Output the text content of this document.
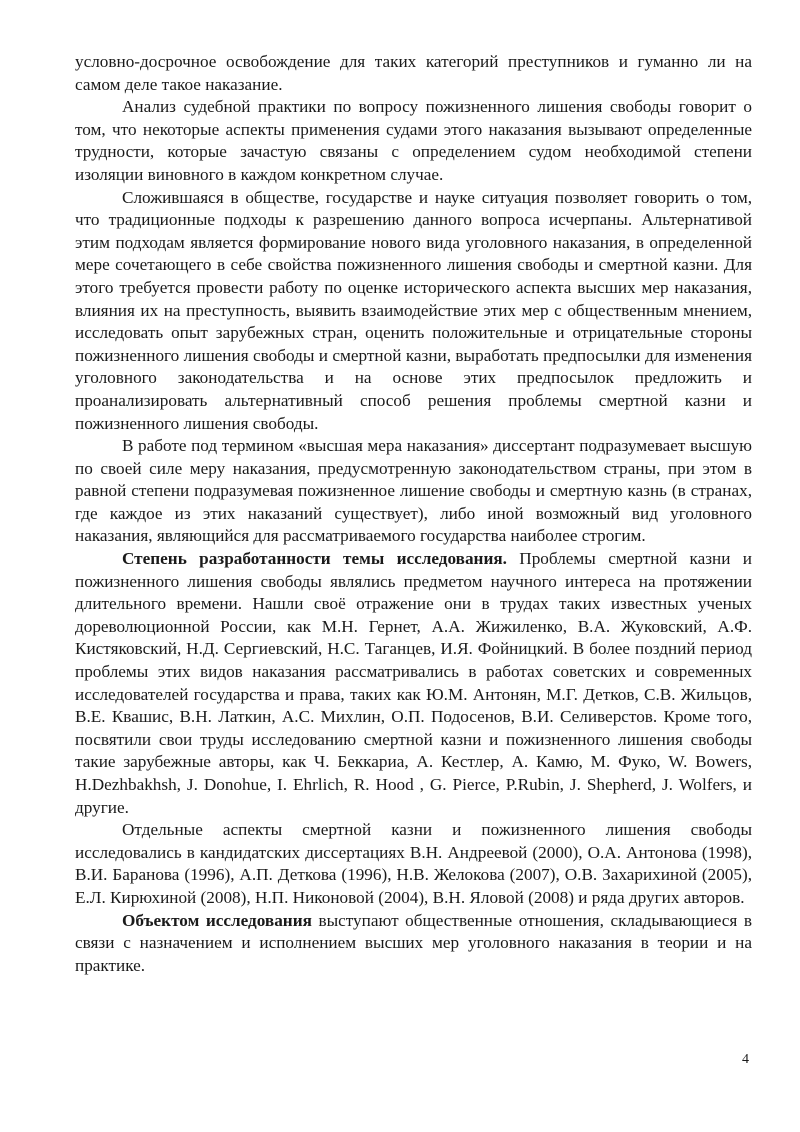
условно-досрочное освобождение для таких категорий преступников и гуманно ли на самом деле такое наказание.

Анализ судебной практики по вопросу пожизненного лишения свободы говорит о том, что некоторые аспекты применения судами этого наказания вызывают определенные трудности, которые зачастую связаны с определением судом необходимой степени изоляции виновного в каждом конкретном случае.

Сложившаяся в обществе, государстве и науке ситуация позволяет говорить о том, что традиционные подходы к разрешению данного вопроса исчерпаны. Альтернативой этим подходам является формирование нового вида уголовного наказания, в определенной мере сочетающего в себе свойства пожизненного лишения свободы и смертной казни. Для этого требуется провести работу по оценке исторического аспекта высших мер наказания, влияния их на преступность, выявить взаимодействие этих мер с общественным мнением, исследовать опыт зарубежных стран, оценить положительные и отрицательные стороны пожизненного лишения свободы и смертной казни, выработать предпосылки для изменения уголовного законодательства и на основе этих предпосылок предложить и проанализировать альтернативный способ решения проблемы смертной казни и пожизненного лишения свободы.

В работе под термином «высшая мера наказания» диссертант подразумевает высшую по своей силе меру наказания, предусмотренную законодательством страны, при этом в равной степени подразумевая пожизненное лишение свободы и смертную казнь (в странах, где каждое из этих наказаний существует), либо иной возможный вид уголовного наказания, являющийся для рассматриваемого государства наиболее строгим.

Степень разработанности темы исследования. Проблемы смертной казни и пожизненного лишения свободы являлись предметом научного интереса на протяжении длительного времени. Нашли своё отражение они в трудах таких известных ученых дореволюционной России, как М.Н. Гернет, А.А. Жижиленко, В.А. Жуковский, А.Ф. Кистяковский, Н.Д. Сергиевский, Н.С. Таганцев, И.Я. Фойницкий. В более поздний период проблемы этих видов наказания рассматривались в работах советских и современных исследователей государства и права, таких как Ю.М. Антонян, М.Г. Детков, С.В. Жильцов, В.Е. Квашис, В.Н. Латкин, А.С. Михлин, О.П. Подосенов, В.И. Селиверстов. Кроме того, посвятили свои труды исследованию смертной казни и пожизненного лишения свободы такие зарубежные авторы, как Ч. Беккариа, А. Кестлер, А. Камю, М. Фуко, W. Bowers, H.Dezhbakhsh, J. Donohue, I. Ehrlich, R. Hood , G. Pierce, P.Rubin, J. Shepherd, J. Wolfers, и другие.

Отдельные аспекты смертной казни и пожизненного лишения свободы исследовались в кандидатских диссертациях В.Н. Андреевой (2000), О.А. Антонова (1998), В.И. Баранова (1996), А.П. Деткова (1996), Н.В. Желокова (2007), О.В. Захарихиной (2005), Е.Л. Кирюхиной (2008), Н.П. Никоновой (2004), В.Н. Яловой (2008) и ряда других авторов.

Объектом исследования выступают общественные отношения, складывающиеся в связи с назначением и исполнением высших мер уголовного наказания в теории и на практике.

4
